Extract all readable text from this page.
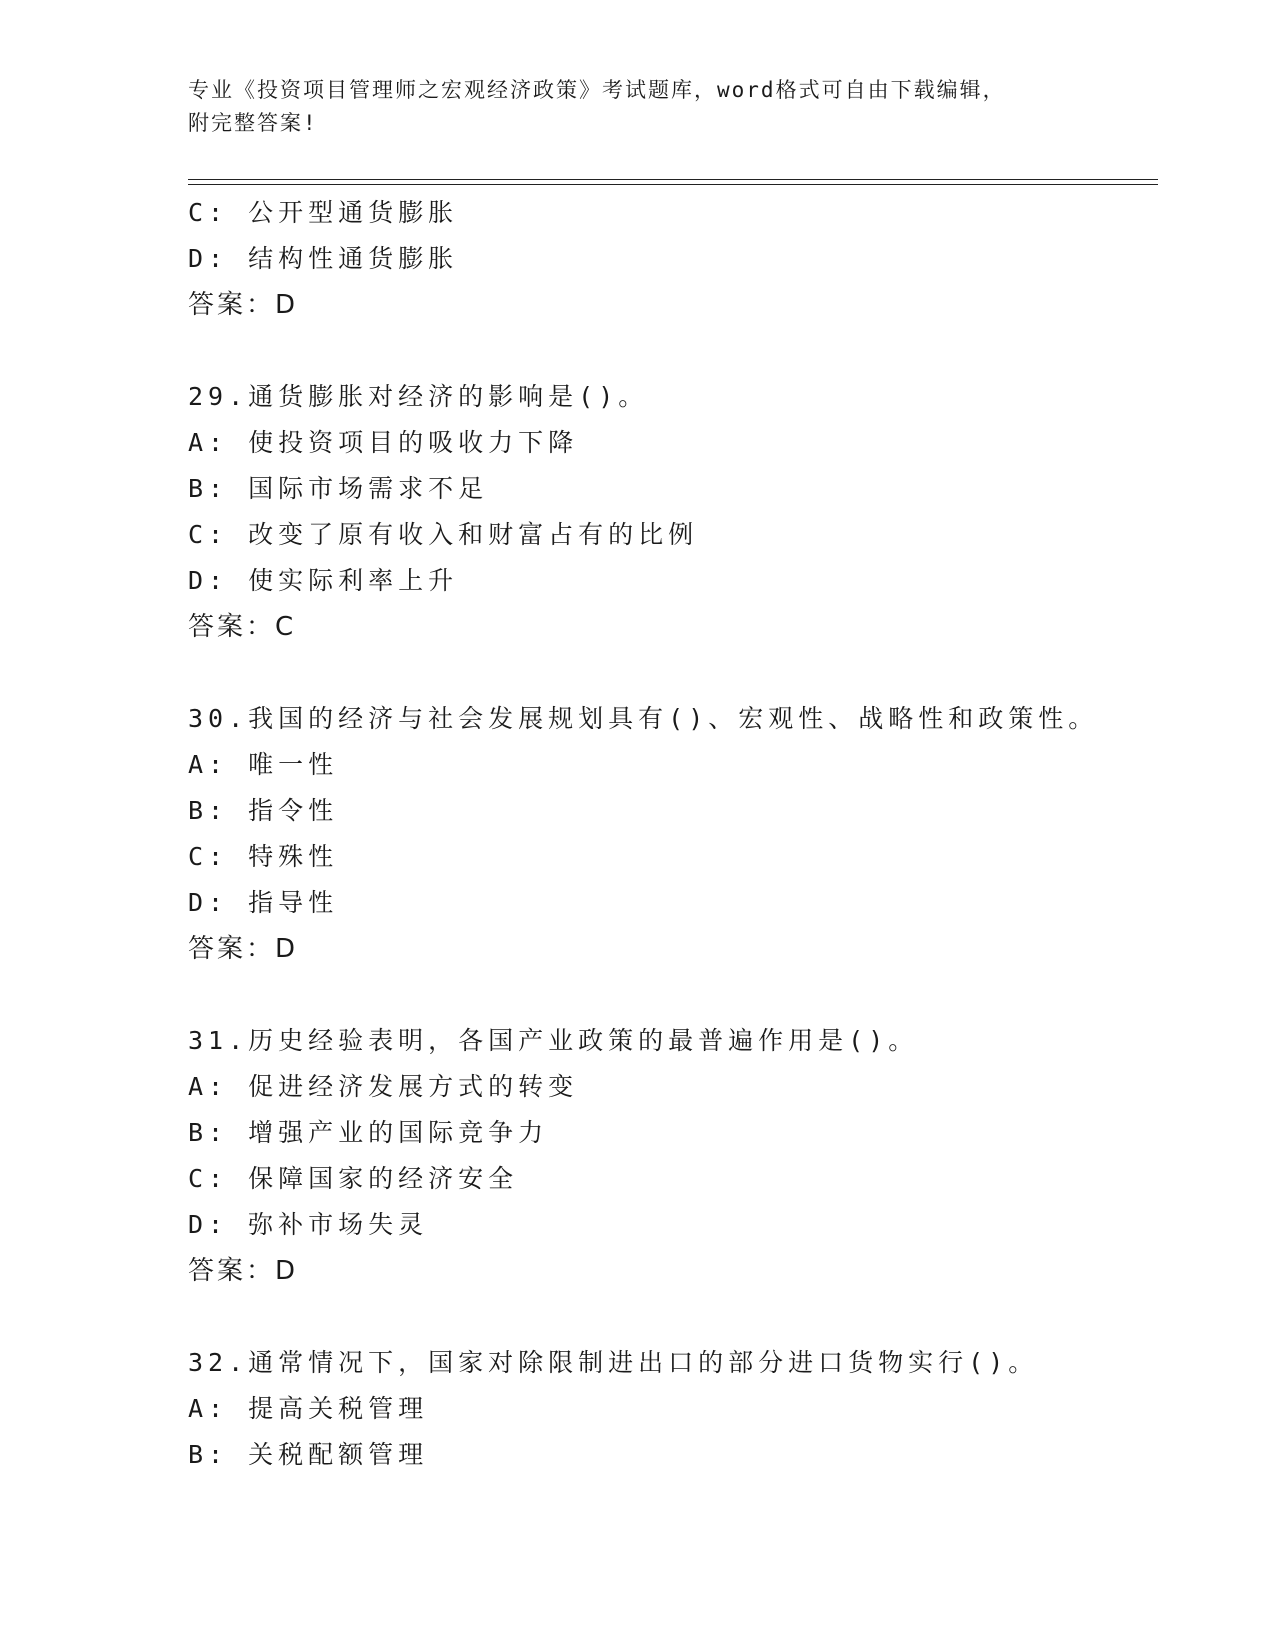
专业《投资项目管理师之宏观经济政策》考试题库，word格式可自由下载编辑，
附完整答案!
C: 公开型通货膨胀
D: 结构性通货膨胀
答案：D
29.通货膨胀对经济的影响是()。
A: 使投资项目的吸收力下降
B: 国际市场需求不足
C: 改变了原有收入和财富占有的比例
D: 使实际利率上升
答案：C
30.我国的经济与社会发展规划具有()、宏观性、战略性和政策性。
A: 唯一性
B: 指令性
C: 特殊性
D: 指导性
答案：D
31.历史经验表明，各国产业政策的最普遍作用是()。
A: 促进经济发展方式的转变
B: 增强产业的国际竞争力
C: 保障国家的经济安全
D: 弥补市场失灵
答案：D
32.通常情况下，国家对除限制进出口的部分进口货物实行()。
A: 提高关税管理
B: 关税配额管理
